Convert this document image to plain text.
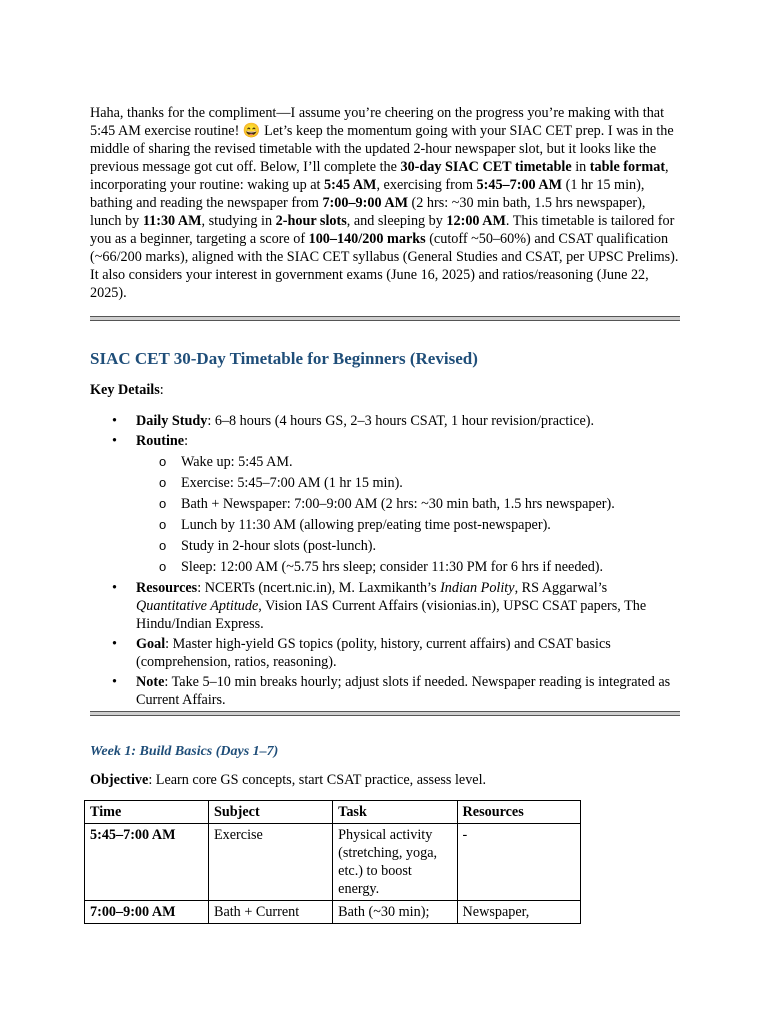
Haha, thanks for the compliment—I assume you’re cheering on the progress you’re making with that 5:45 AM exercise routine! 😄 Let’s keep the momentum going with your SIAC CET prep. I was in the middle of sharing the revised timetable with the updated 2-hour newspaper slot, but it looks like the previous message got cut off. Below, I’ll complete the 30-day SIAC CET timetable in table format, incorporating your routine: waking up at 5:45 AM, exercising from 5:45–7:00 AM (1 hr 15 min), bathing and reading the newspaper from 7:00–9:00 AM (2 hrs: ~30 min bath, 1.5 hrs newspaper), lunch by 11:30 AM, studying in 2-hour slots, and sleeping by 12:00 AM. This timetable is tailored for you as a beginner, targeting a score of 100–140/200 marks (cutoff ~50–60%) and CSAT qualification (~66/200 marks), aligned with the SIAC CET syllabus (General Studies and CSAT, per UPSC Prelims). It also considers your interest in government exams (June 16, 2025) and ratios/reasoning (June 22, 2025).

SIAC CET 30-Day Timetable for Beginners (Revised)

Key Details:

• Daily Study: 6–8 hours (4 hours GS, 2–3 hours CSAT, 1 hour revision/practice).
• Routine:
o Wake up: 5:45 AM.
o Exercise: 5:45–7:00 AM (1 hr 15 min).
o Bath + Newspaper: 7:00–9:00 AM (2 hrs: ~30 min bath, 1.5 hrs newspaper).
o Lunch by 11:30 AM (allowing prep/eating time post-newspaper).
o Study in 2-hour slots (post-lunch).
o Sleep: 12:00 AM (~5.75 hrs sleep; consider 11:30 PM for 6 hrs if needed).
• Resources: NCERTs (ncert.nic.in), M. Laxmikanth’s Indian Polity, RS Aggarwal’s Quantitative Aptitude, Vision IAS Current Affairs (visionias.in), UPSC CSAT papers, The Hindu/Indian Express.
• Goal: Master high-yield GS topics (polity, history, current affairs) and CSAT basics (comprehension, ratios, reasoning).
• Note: Take 5–10 min breaks hourly; adjust slots if needed. Newspaper reading is integrated as Current Affairs.
Week 1: Build Basics (Days 1–7)

Objective: Learn core GS concepts, start CSAT practice, assess level.

Time	Subject	Task	Resources
5:45–7:00 AM	Exercise	Physical activity (stretching, yoga, etc.) to boost energy.	-
7:00–9:00 AM	Bath + Current	Bath (~30 min);	Newspaper,
